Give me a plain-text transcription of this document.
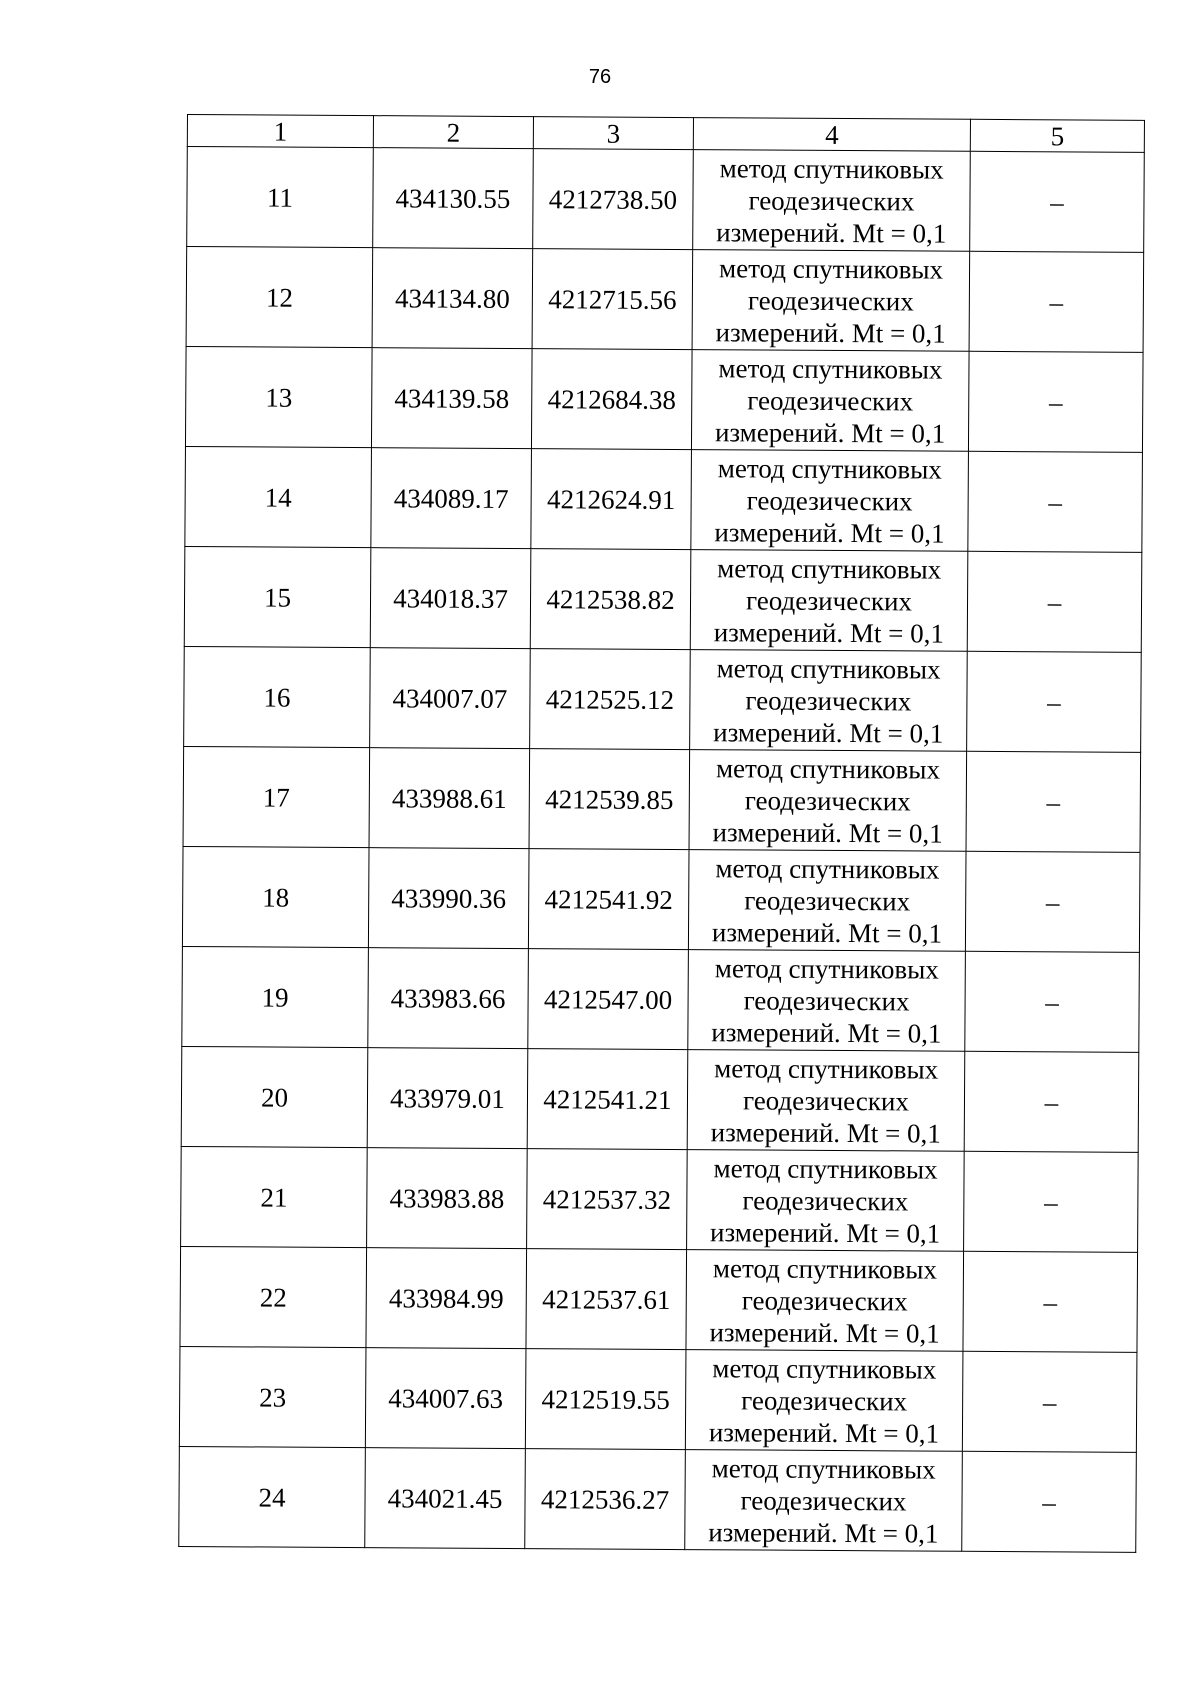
76
1	2	3	4	5
11	434130.55	4212738.50	метод спутниковых
геодезических
измерений. Mt = 0,1	–
12	434134.80	4212715.56	метод спутниковых
геодезических
измерений. Mt = 0,1	–
13	434139.58	4212684.38	метод спутниковых
геодезических
измерений. Mt = 0,1	–
14	434089.17	4212624.91	метод спутниковых
геодезических
измерений. Mt = 0,1	–
15	434018.37	4212538.82	метод спутниковых
геодезических
измерений. Mt = 0,1	–
16	434007.07	4212525.12	метод спутниковых
геодезических
измерений. Mt = 0,1	–
17	433988.61	4212539.85	метод спутниковых
геодезических
измерений. Mt = 0,1	–
18	433990.36	4212541.92	метод спутниковых
геодезических
измерений. Mt = 0,1	–
19	433983.66	4212547.00	метод спутниковых
геодезических
измерений. Mt = 0,1	–
20	433979.01	4212541.21	метод спутниковых
геодезических
измерений. Mt = 0,1	–
21	433983.88	4212537.32	метод спутниковых
геодезических
измерений. Mt = 0,1	–
22	433984.99	4212537.61	метод спутниковых
геодезических
измерений. Mt = 0,1	–
23	434007.63	4212519.55	метод спутниковых
геодезических
измерений. Mt = 0,1	–
24	434021.45	4212536.27	метод спутниковых
геодезических
измерений. Mt = 0,1	–
